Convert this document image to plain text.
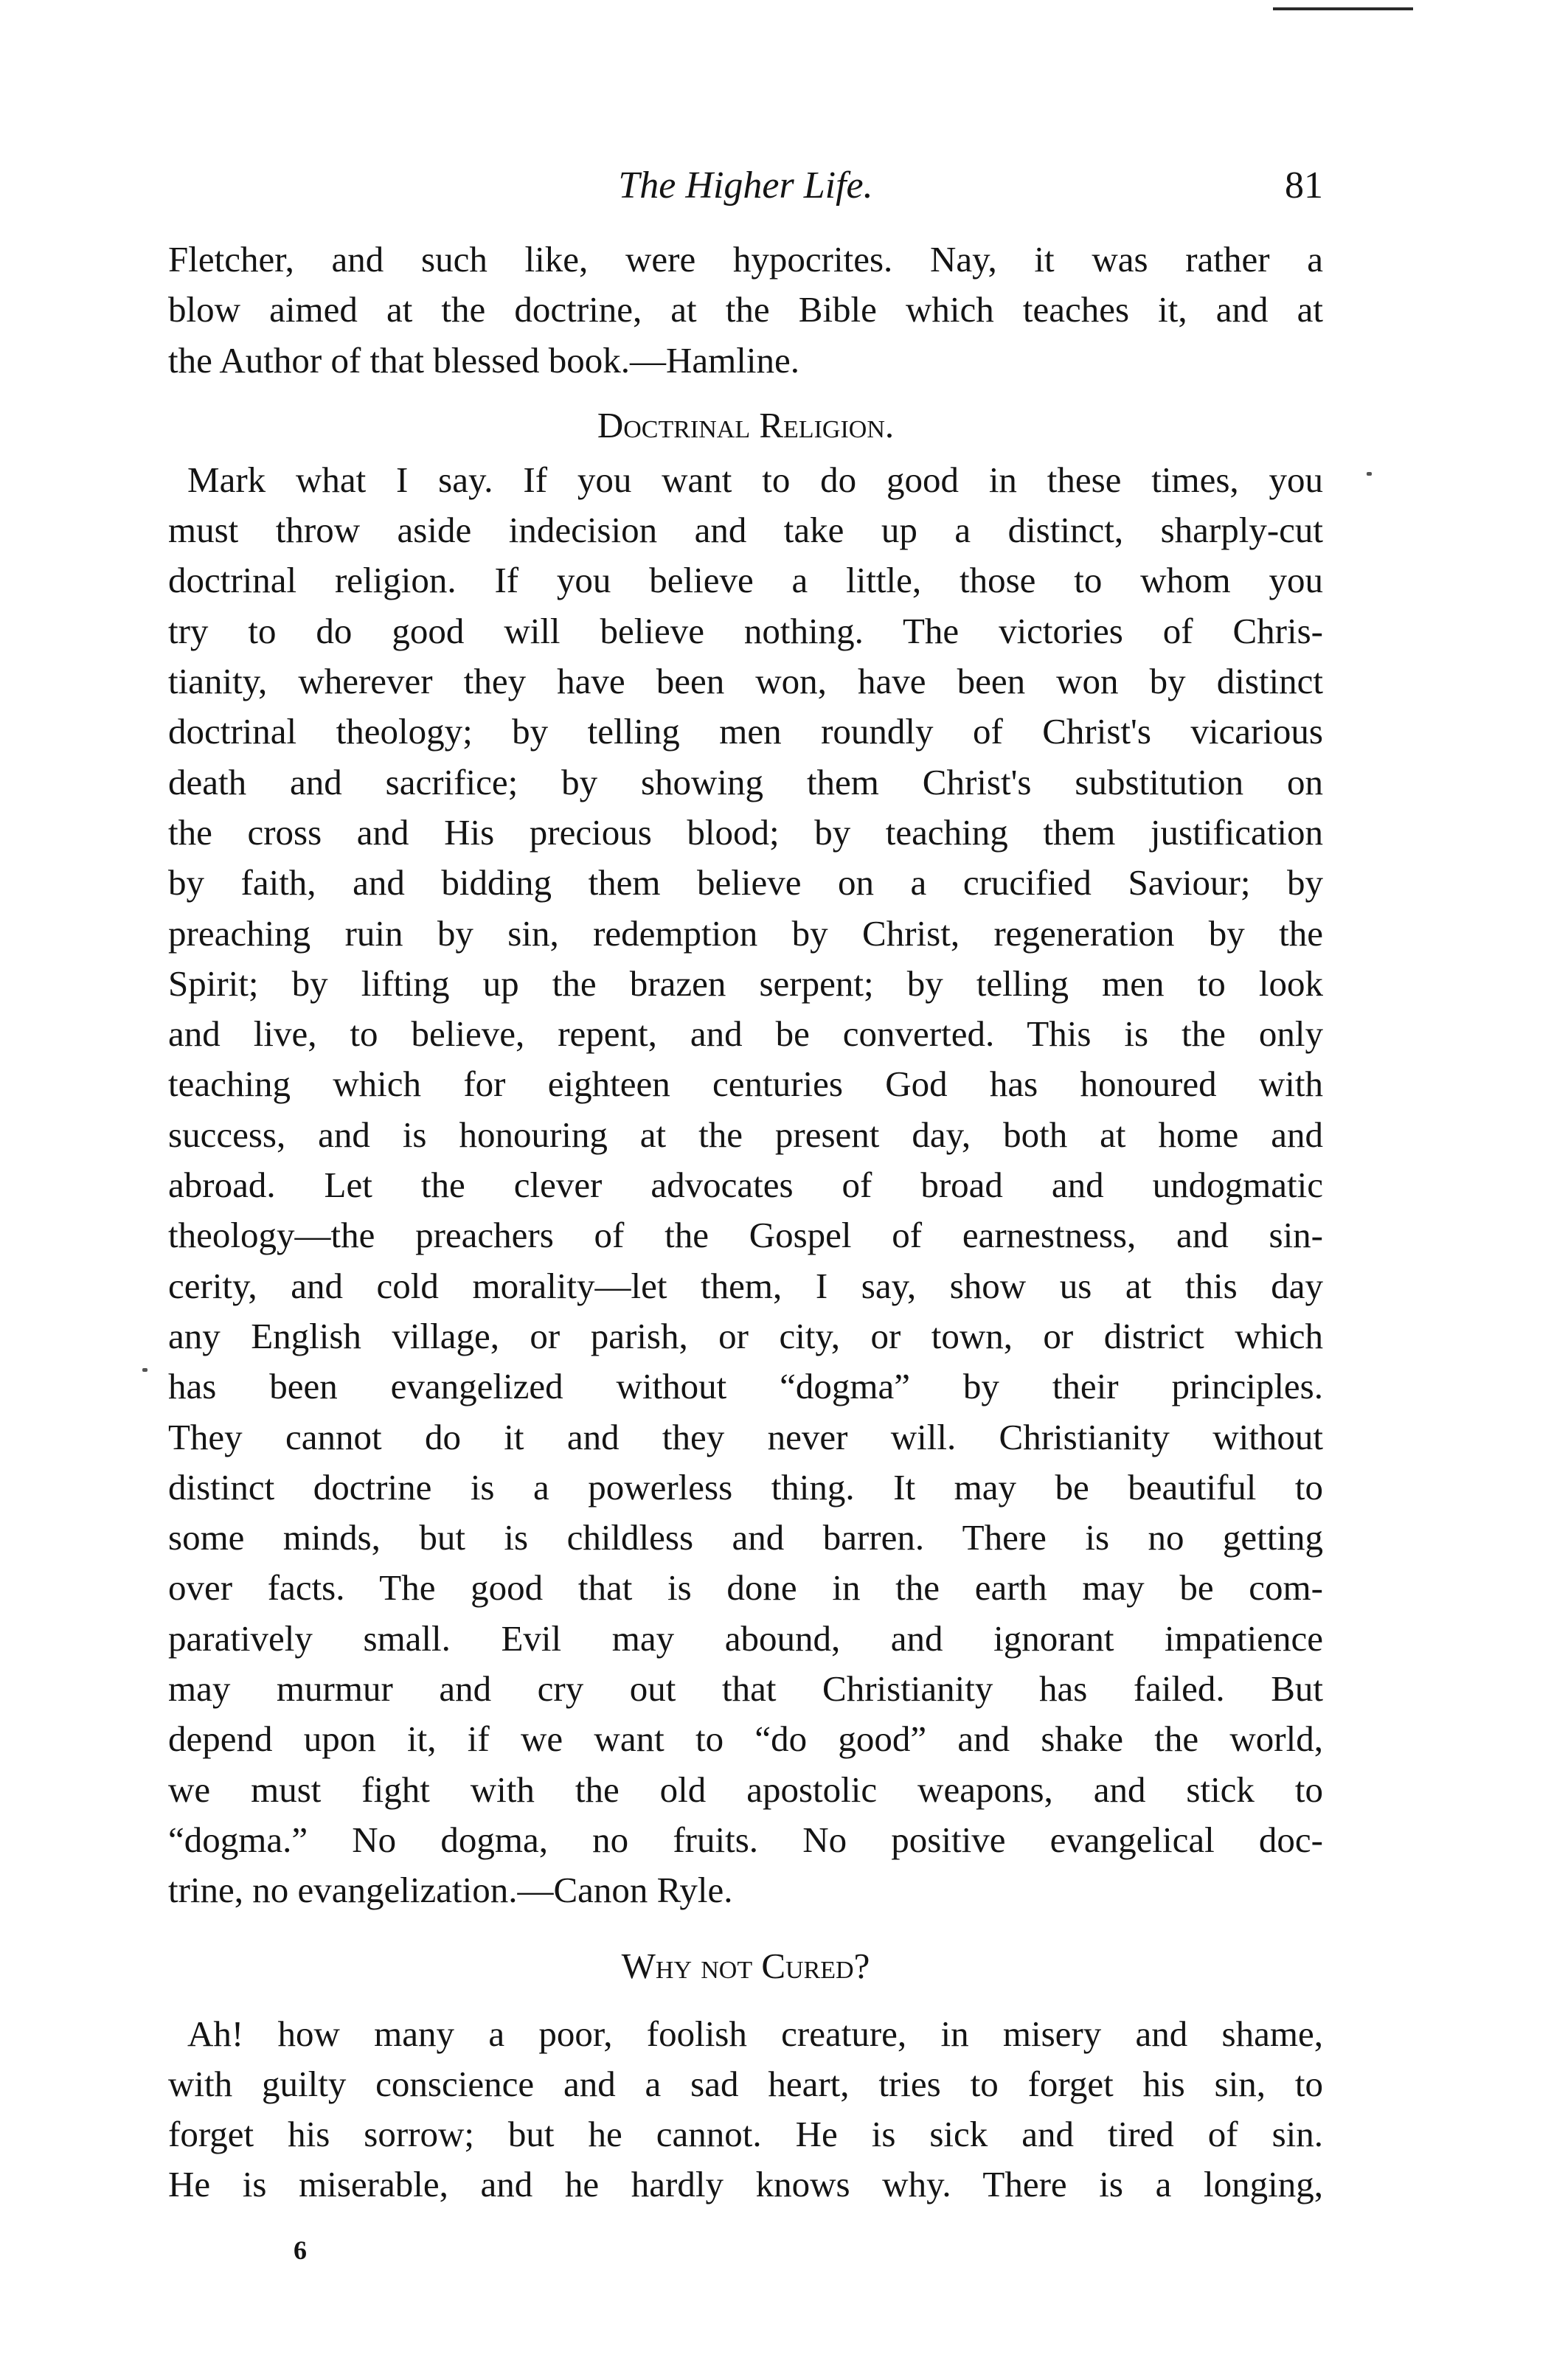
The Higher Life.	81
Fletcher, and such like, were hypocrites. Nay, it was rather a
blow aimed at the doctrine, at the Bible which teaches it, and at
the Author of that blessed book.—Hamline.
Doctrinal Religion.
Mark what I say. If you want to do good in these times, you
must throw aside indecision and take up a distinct, sharply-cut
doctrinal religion. If you believe a little, those to whom you
try to do good will believe nothing. The victories of Chris-
tianity, wherever they have been won, have been won by distinct
doctrinal theology; by telling men roundly of Christ's vicarious
death and sacrifice; by showing them Christ's substitution on
the cross and His precious blood; by teaching them justification
by faith, and bidding them believe on a crucified Saviour; by
preaching ruin by sin, redemption by Christ, regeneration by the
Spirit; by lifting up the brazen serpent; by telling men to look
and live, to believe, repent, and be converted. This is the only
teaching which for eighteen centuries God has honoured with
success, and is honouring at the present day, both at home and
abroad. Let the clever advocates of broad and undogmatic
theology—the preachers of the Gospel of earnestness, and sin-
cerity, and cold morality—let them, I say, show us at this day
any English village, or parish, or city, or town, or district which
has been evangelized without “dogma” by their principles.
They cannot do it and they never will. Christianity without
distinct doctrine is a powerless thing. It may be beautiful to
some minds, but is childless and barren. There is no getting
over facts. The good that is done in the earth may be com-
paratively small. Evil may abound, and ignorant impatience
may murmur and cry out that Christianity has failed. But
depend upon it, if we want to “do good” and shake the world,
we must fight with the old apostolic weapons, and stick to
“dogma.” No dogma, no fruits. No positive evangelical doc-
trine, no evangelization.—Canon Ryle.
Why not Cured?
Ah! how many a poor, foolish creature, in misery and shame,
with guilty conscience and a sad heart, tries to forget his sin, to
forget his sorrow; but he cannot. He is sick and tired of sin.
He is miserable, and he hardly knows why. There is a longing,
6
